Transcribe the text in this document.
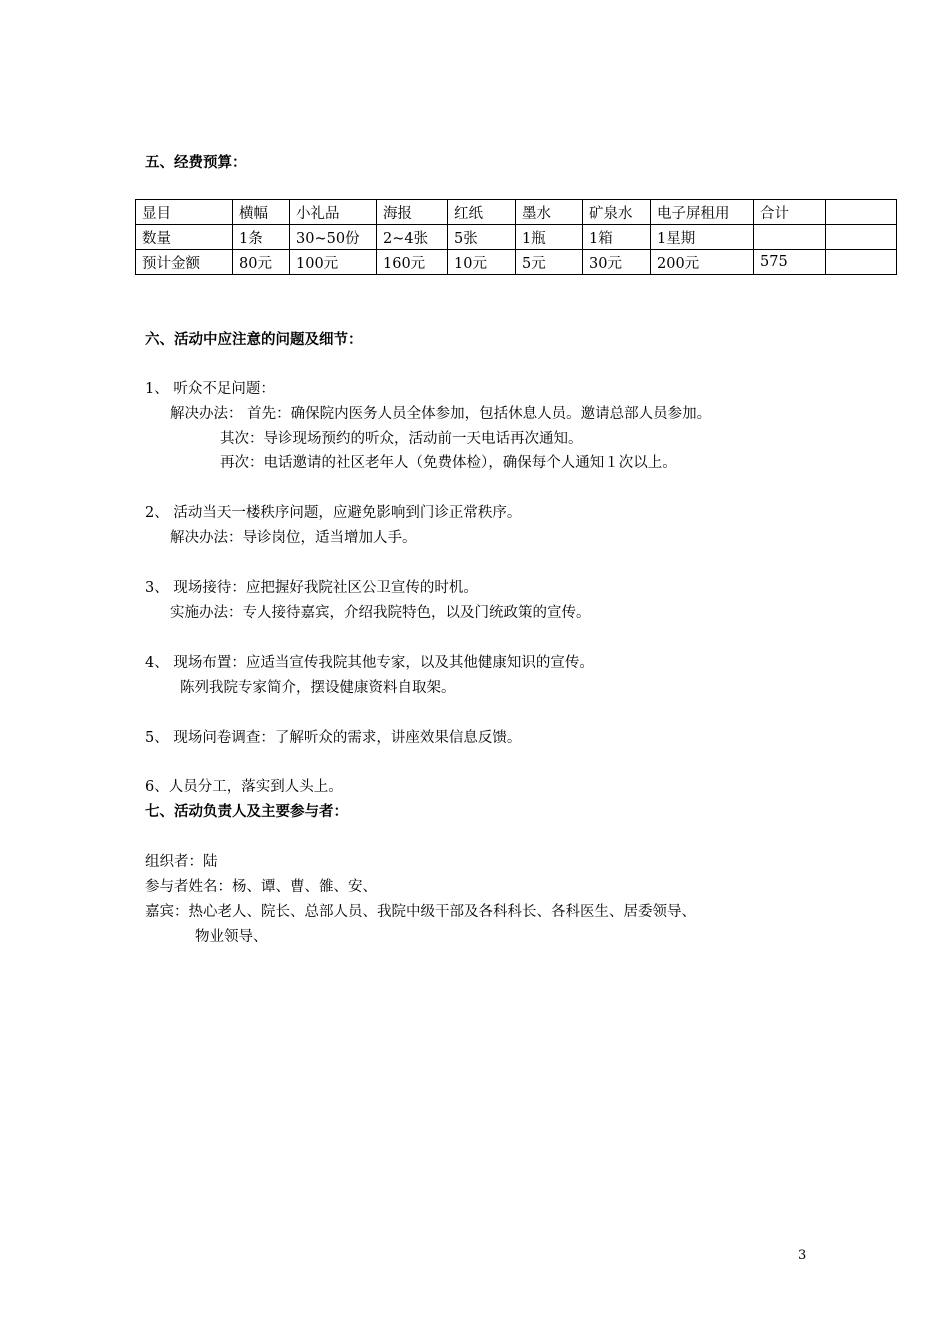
五、经费预算：
显目	横幅	小礼品	海报	红纸	墨水	矿泉水	电子屏租用	合计	
数量	1条	30~50份	2~4张	5张	1瓶	1箱	1星期		
预计金额	80元	100元	160元	10元	5元	30元	200元	575	
六、活动中应注意的问题及细节：
1、 听众不足问题：
解决办法： 首先：确保院内医务人员全体参加，包括休息人员。邀请总部人员参加。
其次：导诊现场预约的听众，活动前一天电话再次通知。
再次：电话邀请的社区老年人（免费体检），确保每个人通知１次以上。
2、 活动当天一楼秩序问题，应避免影响到门诊正常秩序。
解决办法：导诊岗位，适当增加人手。
3、 现场接待：应把握好我院社区公卫宣传的时机。
实施办法：专人接待嘉宾，介绍我院特色，以及门统政策的宣传。
4、 现场布置：应适当宣传我院其他专家，以及其他健康知识的宣传。
陈列我院专家简介，摆设健康资料自取架。
5、 现场问卷调查：了解听众的需求，讲座效果信息反馈。
6、人员分工，落实到人头上。
七、活动负责人及主要参与者：
组织者：陆
参与者姓名：杨、谭、曹、雒、安、
嘉宾：热心老人、院长、总部人员、我院中级干部及各科科长、各科医生、居委领导、
物业领导、
3
